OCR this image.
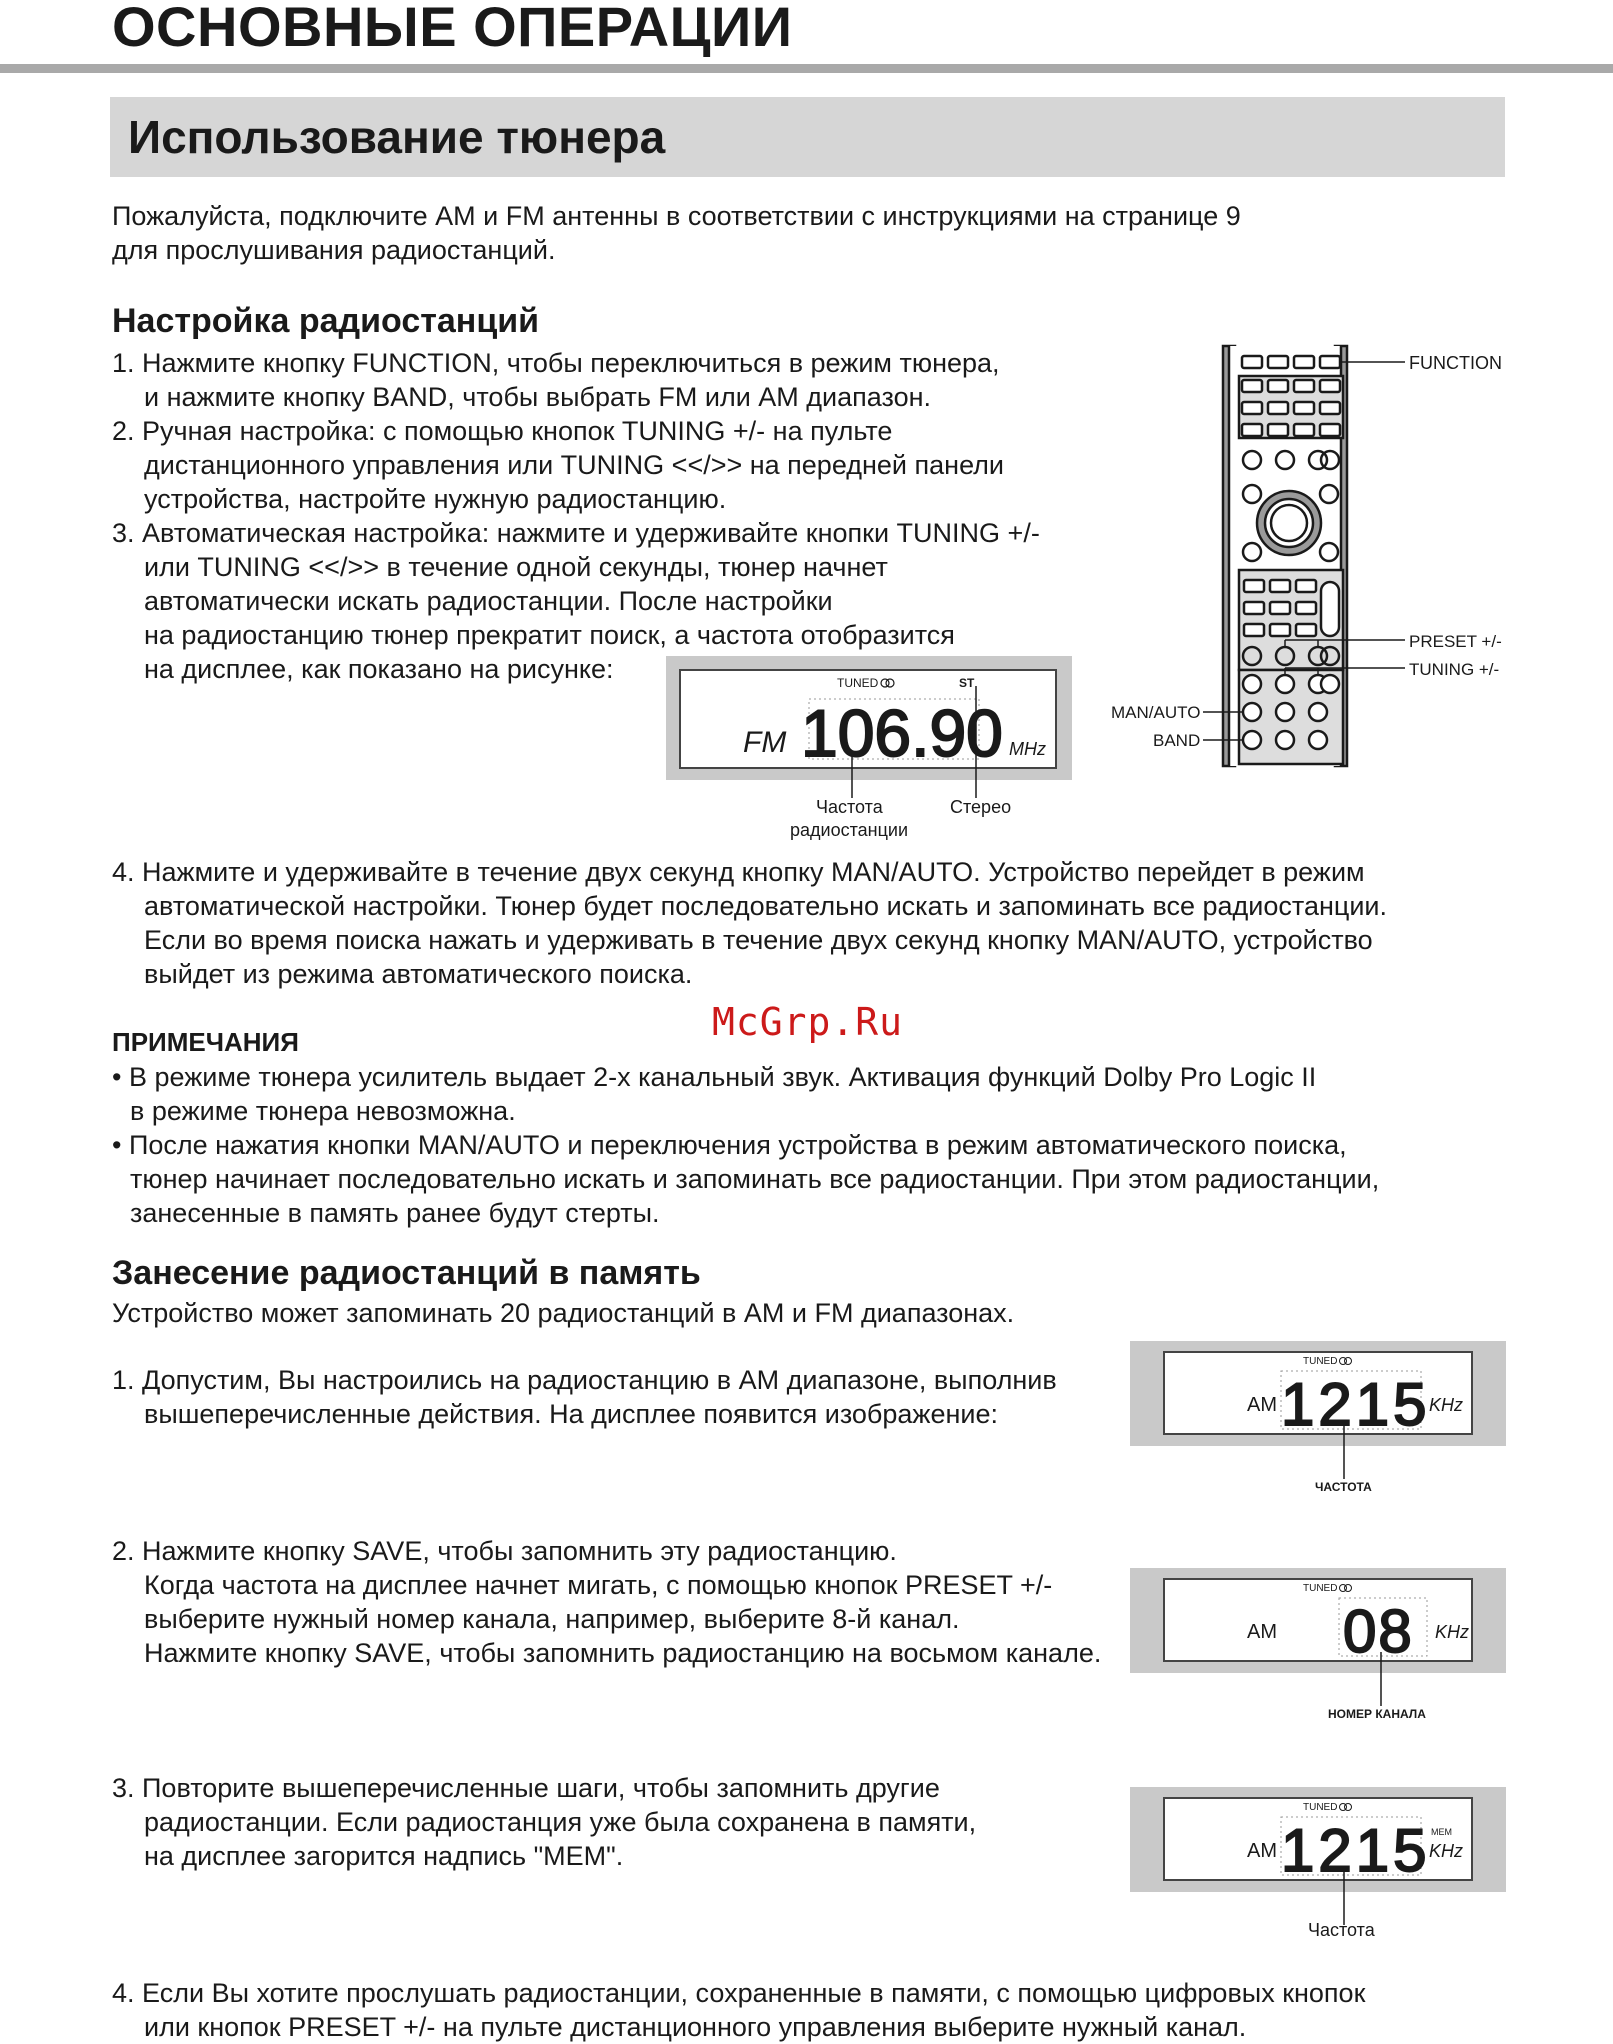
ОСНОВНЫЕ ОПЕРАЦИИ
Использование тюнера
Пожалуйста, подключите АМ и FM антенны в соответствии с инструкциями на странице 9
для прослушивания радиостанций.
Настройка радиостанций
1. Нажмите кнопку FUNCTION, чтобы переключиться в режим тюнера,
и нажмите кнопку BAND, чтобы выбрать FM или AM диапазон.
2. Ручная настройка: с помощью кнопок TUNING +/- на пульте
дистанционного управления или TUNING <</>> на передней панели
устройства, настройте нужную радиостанцию.
3. Автоматическая настройка: нажмите и удерживайте кнопки TUNING +/-
или TUNING <</>> в течение одной секунды, тюнер начнет
автоматически искать радиостанции. После настройки
на радиостанцию тюнер прекратит поиск, а частота отобразится
на дисплее, как показано на рисунке:
FUNCTION
PRESET +/-
TUNING +/-
MAN/AUTO
BAND
TUNED	ST
FM 106.90 MHz
Частота
радиостанции
Стерео
4. Нажмите и удерживайте в течение двух секунд кнопку MAN/AUTO. Устройство перейдет в режим
автоматической настройки. Тюнер будет последовательно искать и запоминать все радиостанции.
Если во время поиска нажать и удерживать в течение двух секунд кнопку MAN/AUTO, устройство
выйдет из режима автоматического поиска.
McGrp.Ru
ПРИМЕЧАНИЯ
• В режиме тюнера усилитель выдает 2-х канальный звук. Активация функций Dolby Pro Logic II
в режиме тюнера невозможна.
• После нажатия кнопки MAN/AUTO и переключения устройства в режим автоматического поиска,
тюнер начинает последовательно искать и запоминать все радиостанции. При этом радиостанции,
занесенные в память ранее будут стерты.
Занесение радиостанций в память
Устройство может запоминать 20 радиостанций в АМ и FM диапазонах.
1. Допустим, Вы настроились на радиостанцию в АМ диапазоне, выполнив
вышеперечисленные действия. На дисплее появится изображение:
TUNED
AM 1215
KHz
ЧАСТОТА
2. Нажмите кнопку SAVE, чтобы запомнить эту радиостанцию.
Когда частота на дисплее начнет мигать, с помощью кнопок PRESET +/-
выберите нужный номер канала, например, выберите 8-й канал.
Нажмите кнопку SAVE, чтобы запомнить радиостанцию на восьмом канале.
TUNED
AM 08 KHz
НОМЕР КАНАЛА
3. Повторите вышеперечисленные шаги, чтобы запомнить другие
радиостанции. Если радиостанция уже была сохранена в памяти,
на дисплее загорится надпись "MEM".
TUNED
AM 1215 MEM
KHz
Частота
4. Если Вы хотите прослушать радиостанции, сохраненные в памяти, с помощью цифровых кнопок
или кнопок PRESET +/- на пульте дистанционного управления выберите нужный канал.
